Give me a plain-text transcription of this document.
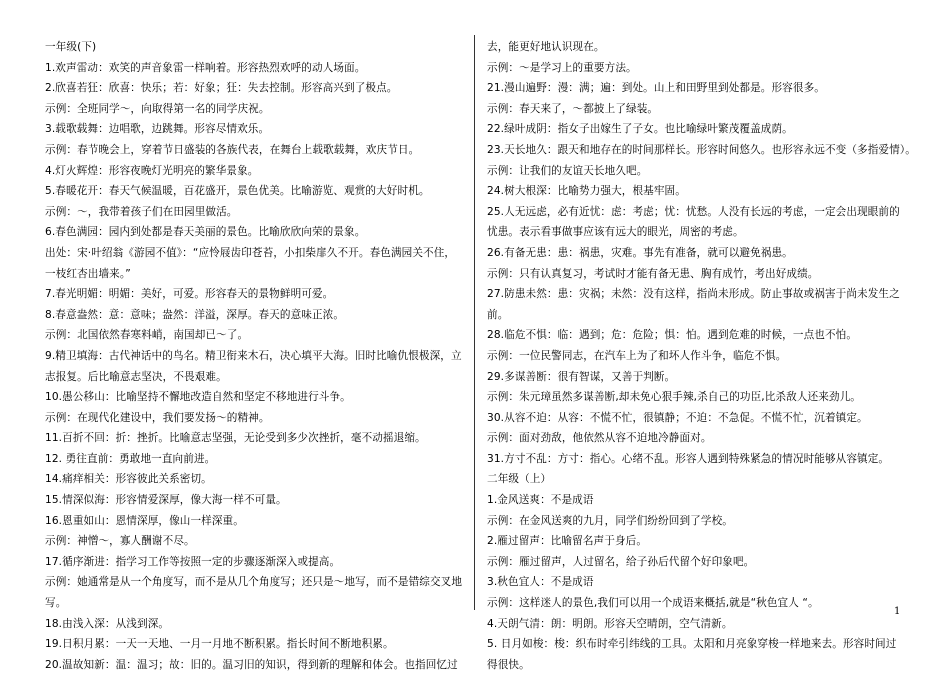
一年级(下)
1.欢声雷动：欢笑的声音象雷一样响着。形容热烈欢呼的动人场面。
2.欣喜若狂：欣喜：快乐；若：好象；狂：失去控制。形容高兴到了极点。
示例：全班同学～，向取得第一名的同学庆祝。
3.载歌载舞：边唱歌，边跳舞。形容尽情欢乐。
示例：春节晚会上，穿着节日盛装的各族代表，在舞台上载歌载舞，欢庆节日。
4.灯火辉煌：形容夜晚灯光明亮的繁华景象。
5.春暖花开：春天气候温暖，百花盛开，景色优美。比喻游览、观赏的大好时机。
示例：～，我带着孩子们在田园里做活。
6.春色满园：园内到处都是春天美丽的景色。比喻欣欣向荣的景象。
出处：宋·叶绍翁《游园不值》：“应怜屐齿印苍苔，小扣柴扉久不开。春色满园关不住，
一枝红杏出墙来。”
7.春光明媚：明媚：美好，可爱。形容春天的景物鲜明可爱。
8.春意盎然：意：意味；盎然：洋溢，深厚。春天的意味正浓。
示例：北国依然春寒料峭，南国却已～了。
9.精卫填海：古代神话中的鸟名。精卫衔来木石，决心填平大海。旧时比喻仇恨极深，立
志报复。后比喻意志坚决，不畏艰难。
10.愚公移山：比喻坚持不懈地改造自然和坚定不移地进行斗争。
示例：在现代化建设中，我们要发扬～的精神。
11.百折不回：折：挫折。比喻意志坚强，无论受到多少次挫折，毫不动摇退缩。
12. 勇往直前：勇敢地一直向前进。
14.痛痒相关：形容彼此关系密切。
15.情深似海：形容情爱深厚，像大海一样不可量。
16.恩重如山：恩情深厚，像山一样深重。
示例：神憎～，寡人酬谢不尽。
17.循序渐进：指学习工作等按照一定的步骤逐渐深入或提高。
示例：她通常是从一个角度写，而不是从几个角度写；还只是～地写，而不是错综交叉地
写。
18.由浅入深：从浅到深。
19.日积月累：一天一天地、一月一月地不断积累。指长时间不断地积累。
20.温故知新：温：温习；故：旧的。温习旧的知识，得到新的理解和体会。也指回忆过
去，能更好地认识现在。
示例：～是学习上的重要方法。
21.漫山遍野：漫：满；遍：到处。山上和田野里到处都是。形容很多。
示例：春天来了，～都披上了绿装。
22.绿叶成阴：指女子出嫁生了子女。也比喻绿叶繁茂覆盖成荫。
23.天长地久：跟天和地存在的时间那样长。形容时间悠久。也形容永远不变（多指爱情）。
示例：让我们的友谊天长地久吧。
24.树大根深：比喻势力强大，根基牢固。
25.人无远虑，必有近忧：虑：考虑；忧：忧愁。人没有长远的考虑，一定会出现眼前的
忧患。表示看事做事应该有远大的眼光，周密的考虑。
26.有备无患：患：祸患，灾难。事先有准备，就可以避免祸患。
示例：只有认真复习，考试时才能有备无患、胸有成竹，考出好成绩。
27.防患未然：患：灾祸；未然：没有这样，指尚未形成。防止事故或祸害于尚未发生之
前。
28.临危不惧：临：遇到；危：危险；惧：怕。遇到危难的时候，一点也不怕。
示例：一位民警同志，在汽车上为了和坏人作斗争，临危不惧。
29.多谋善断：很有智谋，又善于判断。
示例：朱元璋虽然多谋善断,却未免心狠手辣,杀自己的功臣,比杀敌人还来劲儿。
30.从容不迫：从容：不慌不忙，很镇静；不迫：不急促。不慌不忙，沉着镇定。
示例：面对劲敌，他依然从容不迫地冷静面对。
31.方寸不乱：方寸：指心。心绪不乱。形容人遇到特殊紧急的情况时能够从容镇定。
二年级（上）
1.金风送爽：不是成语
示例：在金风送爽的九月，同学们纷纷回到了学校。
2.雁过留声：比喻留名声于身后。
示例：雁过留声，人过留名，给子孙后代留个好印象吧。
3.秋色宜人：不是成语
示例：这样迷人的景色,我们可以用一个成语来概括,就是“秋色宜人 “。
4.天朗气清：朗：明朗。形容天空晴朗，空气清新。
5. 日月如梭：梭：织布时牵引纬线的工具。太阳和月亮象穿梭一样地来去。形容时间过
得很快。
1
